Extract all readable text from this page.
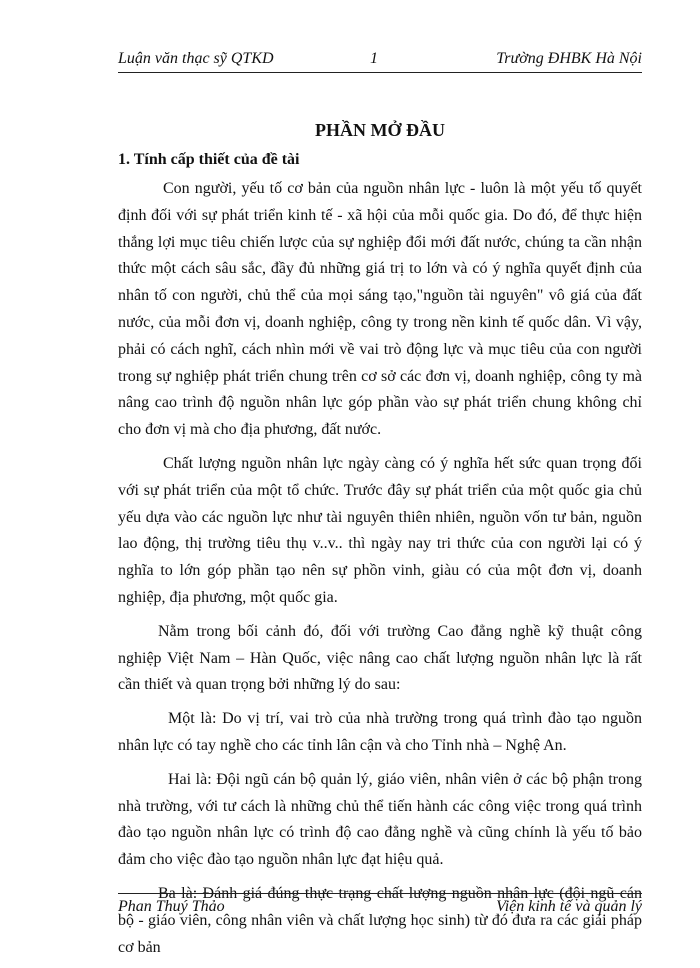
Luận văn thạc sỹ QTKD	1	Trường ĐHBK Hà Nội
PHẦN MỞ ĐẦU
1. Tính cấp thiết của đề tài

Con người, yếu tố cơ bản của nguồn nhân lực - luôn là một yếu tố quyết định đối với sự phát triển kinh tế - xã hội của mỗi quốc gia. Do đó, để thực hiện thắng lợi mục tiêu chiến lược của sự nghiệp đổi mới đất nước, chúng ta cần nhận thức một cách sâu sắc, đầy đủ những giá trị to lớn và có ý nghĩa quyết định của nhân tố con người, chủ thể của mọi sáng tạo,"nguồn tài nguyên" vô giá của đất nước, của mỗi đơn vị, doanh nghiệp, công ty trong nền kinh tế quốc dân. Vì vậy, phải có cách nghĩ, cách nhìn mới về vai trò động lực và mục tiêu của con người trong sự nghiệp phát triển chung trên cơ sở các đơn vị, doanh nghiệp, công ty mà nâng cao trình độ nguồn nhân lực góp phần vào sự phát triển chung không chỉ cho đơn vị mà cho địa phương, đất nước.

Chất lượng nguồn nhân lực ngày càng có ý nghĩa hết sức quan trọng đối với sự phát triển của một tổ chức. Trước đây sự phát triển của một quốc gia chủ yếu dựa vào các nguồn lực như tài nguyên thiên nhiên, nguồn vốn tư bản, nguồn lao động, thị trường tiêu thụ v..v.. thì ngày nay tri thức của con người lại có ý nghĩa to lớn góp phần tạo nên sự phồn vinh, giàu có của một đơn vị, doanh nghiệp, địa phương, một quốc gia.

Nằm trong bối cảnh đó, đối với trường Cao đẳng nghề kỹ thuật công nghiệp Việt Nam – Hàn Quốc, việc nâng cao chất lượng nguồn nhân lực là rất cần thiết và quan trọng bởi những lý do sau:

Một là: Do vị trí, vai trò của nhà trường trong quá trình đào tạo nguồn nhân lực có tay nghề cho các tỉnh lân cận và cho Tỉnh nhà – Nghệ An.

Hai là: Đội ngũ cán bộ quản lý, giáo viên, nhân viên ở các bộ phận trong nhà trường, với tư cách là những chủ thể tiến hành các công việc trong quá trình đào tạo nguồn nhân lực có trình độ cao đẳng nghề và cũng chính là yếu tố bảo đảm cho việc đào tạo nguồn nhân lực đạt hiệu quả.

Ba là: Đánh giá đúng thực trạng chất lượng nguồn nhân lực (đội ngũ cán bộ - giáo viên, công nhân viên và chất lượng học sinh) từ đó đưa ra các giải pháp cơ bản

Phan Thuý Thảo	Viện kinh tế và quản lý
